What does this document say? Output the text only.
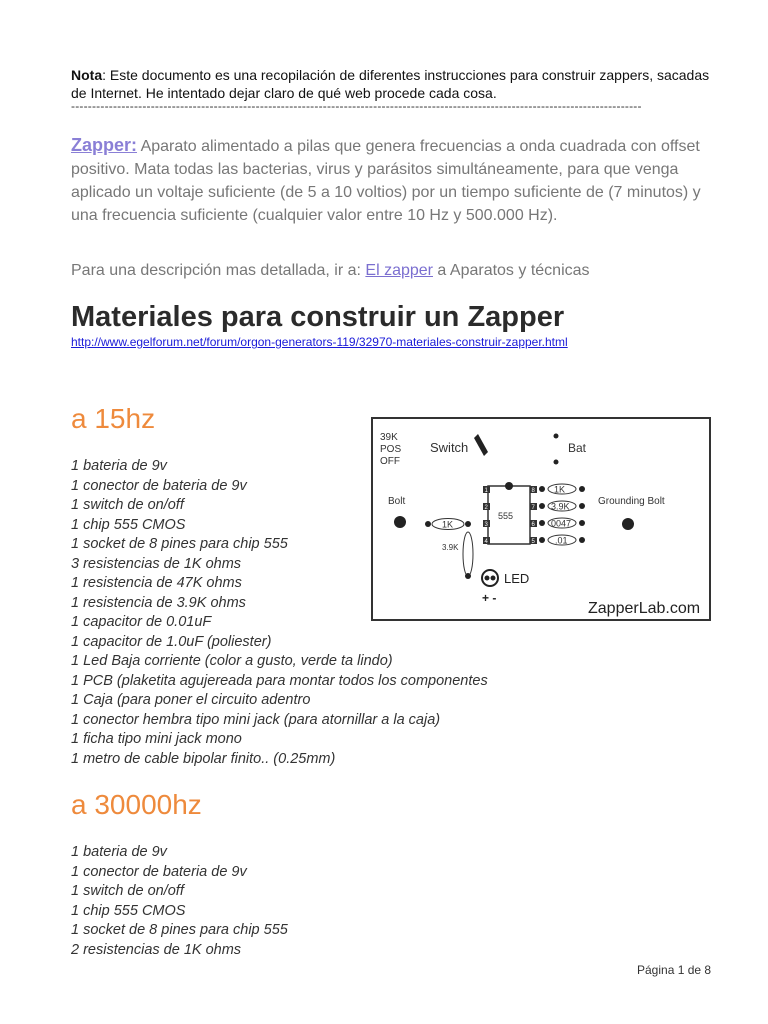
Nota: Este documento es una recopilación de diferentes instrucciones para construir zappers, sacadas de Internet. He intentado dejar claro de qué web procede cada cosa.
----------------------------------------------------------------------------------------------------------------------------------------
Zapper: Aparato alimentado a pilas que genera frecuencias a onda cuadrada con offset positivo. Mata todas las bacterias, virus y parásitos simultáneamente, para que venga aplicado un voltaje suficiente (de 5 a 10 voltios) por un tiempo suficiente de (7 minutos) y una frecuencia suficiente (cualquier valor entre 10 Hz y 500.000 Hz).
Para una descripción mas detallada, ir a: El zapper a Aparatos y técnicas
Materiales para construir un Zapper
http://www.egelforum.net/forum/orgon-generators-119/32970-materiales-construir-zapper.html
a 15hz
1 bateria de 9v
1 conector de bateria de 9v
1 switch de on/off
1 chip 555 CMOS
1 socket de 8 pines para chip 555
3 resistencias de 1K ohms
1 resistencia de 47K ohms
1 resistencia de 3.9K ohms
1 capacitor de 0.01uF
1 capacitor de 1.0uF (poliester)
1 Led Baja corriente (color a gusto, verde ta lindo)
1 PCB (plaketita agujereada para montar todos los componentes
1 Caja (para poner el circuito adentro
1 conector hembra tipo mini jack (para atornillar a la caja)
1 ficha tipo mini jack mono
1 metro de cable bipolar finito.. (0.25mm)
39K
POS
OFF
Switch	Bat
Bolt	Grounding Bolt
555
1
2
3
4
8
7
6
5
1K
3.9K
0047
.01
1K
3.9K
LED
+ -
ZapperLab.com
a 30000hz
1 bateria de 9v
1 conector de bateria de 9v
1 switch de on/off
1 chip 555 CMOS
1 socket de 8 pines para chip 555
2 resistencias de 1K ohms
Página 1 de 8
